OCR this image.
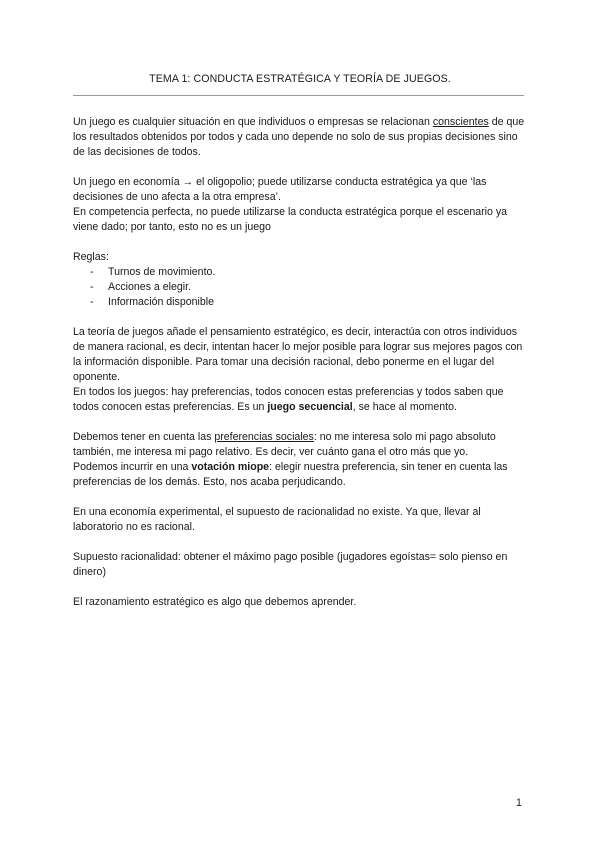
TEMA 1: CONDUCTA ESTRATÉGICA Y TEORÍA DE JUEGOS.

Un juego es cualquier situación en que individuos o empresas se relacionan conscientes de que los resultados obtenidos por todos y cada uno depende no solo de sus propias decisiones sino de las decisiones de todos.

Un juego en economía → el oligopolio; puede utilizarse conducta estratégica ya que ‘las decisiones de uno afecta a la otra empresa’.

En competencia perfecta, no puede utilizarse la conducta estratégica porque el escenario ya viene dado; por tanto, esto no es un juego

Reglas:

- Turnos de movimiento.
- Acciones a elegir.
- Información disponible

La teoría de juegos añade el pensamiento estratégico, es decir, interactúa con otros individuos de manera racional, es decir, intentan hacer lo mejor posible para lograr sus mejores pagos con la información disponible. Para tomar una decisión racional, debo ponerme en el lugar del oponente.

En todos los juegos: hay preferencias, todos conocen estas preferencias y todos saben que todos conocen estas preferencias. Es un juego secuencial, se hace al momento.

Debemos tener en cuenta las preferencias sociales: no me interesa solo mi pago absoluto también, me interesa mi pago relativo. Es decir, ver cuánto gana el otro más que yo.

Podemos incurrir en una votación miope: elegir nuestra preferencia, sin tener en cuenta las preferencias de los demás. Esto, nos acaba perjudicando.

En una economía experimental, el supuesto de racionalidad no existe. Ya que, llevar al laboratorio no es racional.

Supuesto racionalidad: obtener el máximo pago posible (jugadores egoístas= solo pienso en dinero)

El razonamiento estratégico es algo que debemos aprender.

1
